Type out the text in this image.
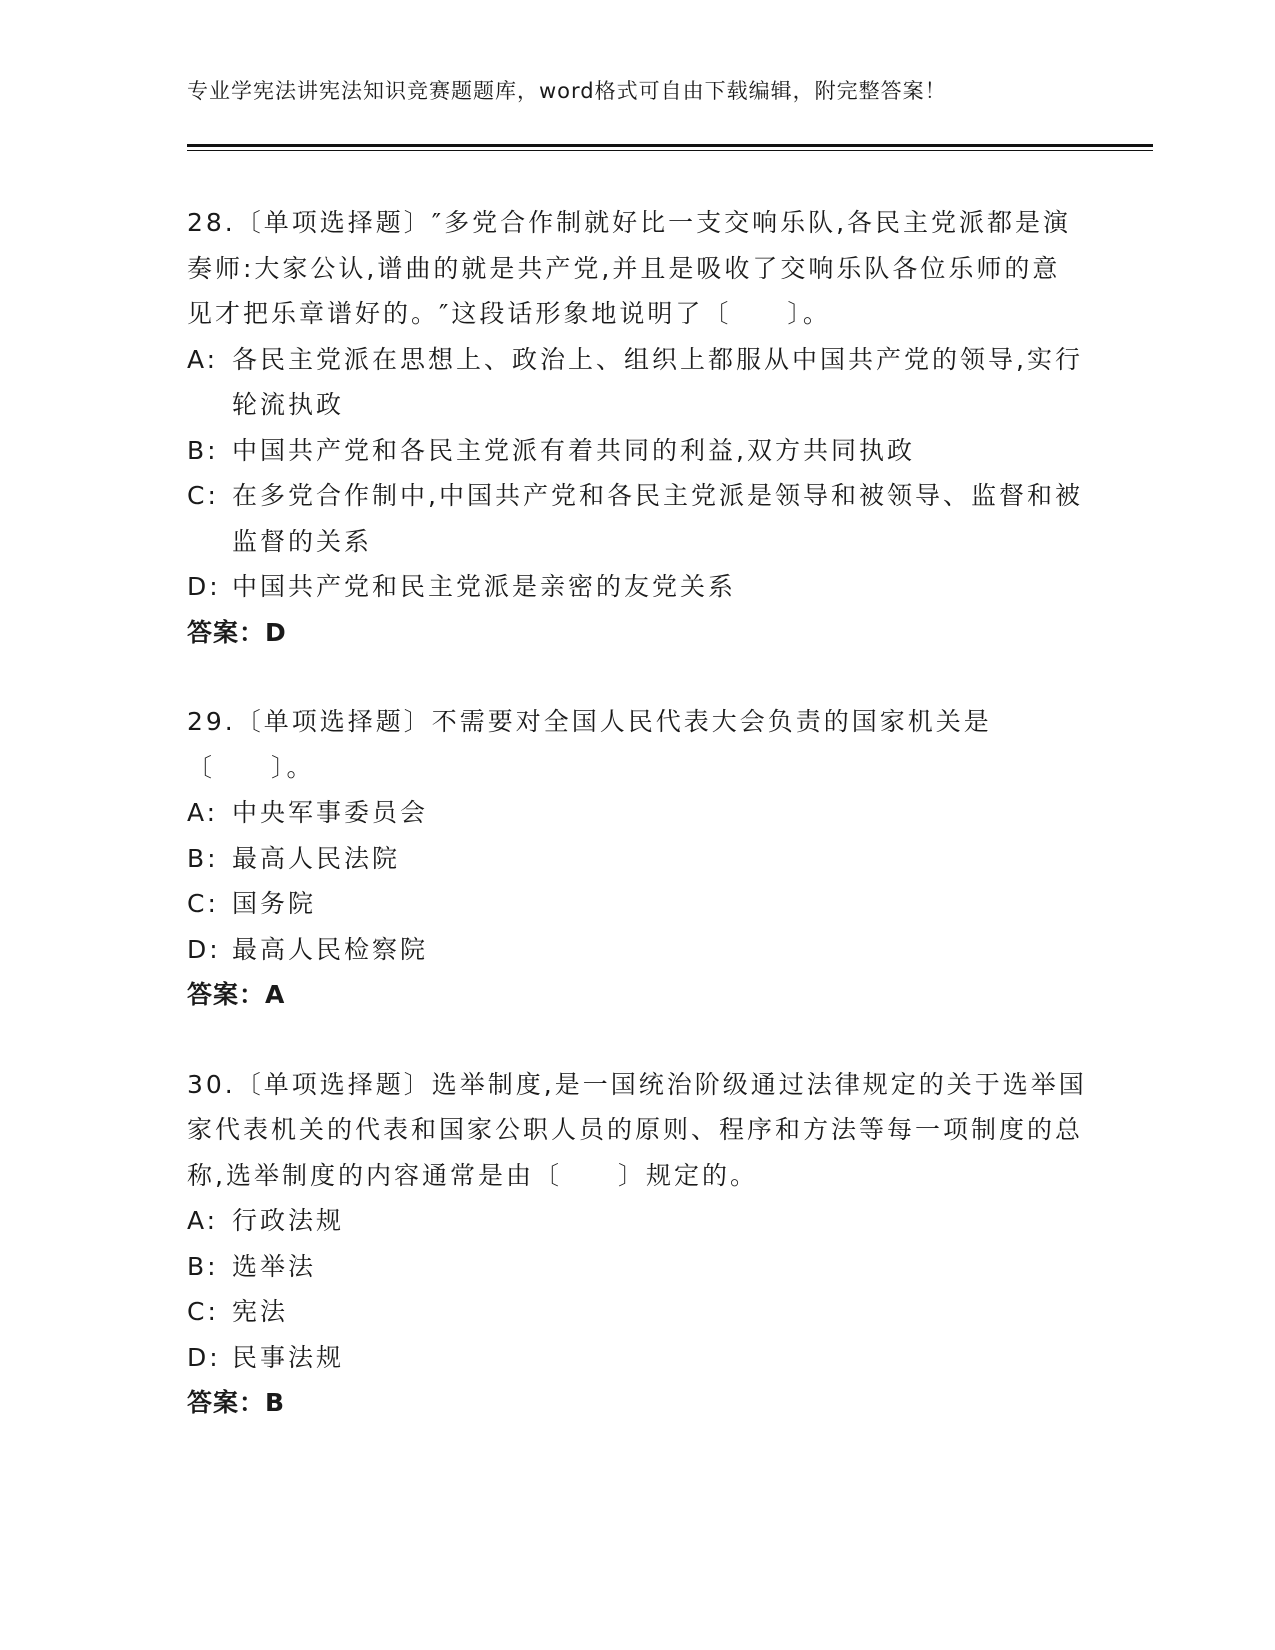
专业学宪法讲宪法知识竞赛题题库，word格式可自由下载编辑，附完整答案！
28.〔单项选择题〕″多党合作制就好比一支交响乐队,各民主党派都是演奏师:大家公认,谱曲的就是共产党,并且是吸收了交响乐队各位乐师的意见才把乐章谱好的。″这段话形象地说明了〔　　〕。
A: 各民主党派在思想上、政治上、组织上都服从中国共产党的领导,实行轮流执政
B: 中国共产党和各民主党派有着共同的利益,双方共同执政
C: 在多党合作制中,中国共产党和各民主党派是领导和被领导、监督和被监督的关系
D: 中国共产党和民主党派是亲密的友党关系
答案：D
29.〔单项选择题〕不需要对全国人民代表大会负责的国家机关是〔　　〕。
A: 中央军事委员会
B: 最高人民法院
C: 国务院
D: 最高人民检察院
答案：A
30.〔单项选择题〕选举制度,是一国统治阶级通过法律规定的关于选举国家代表机关的代表和国家公职人员的原则、程序和方法等每一项制度的总称,选举制度的内容通常是由〔　　〕规定的。
A: 行政法规
B: 选举法
C: 宪法
D: 民事法规
答案：B
